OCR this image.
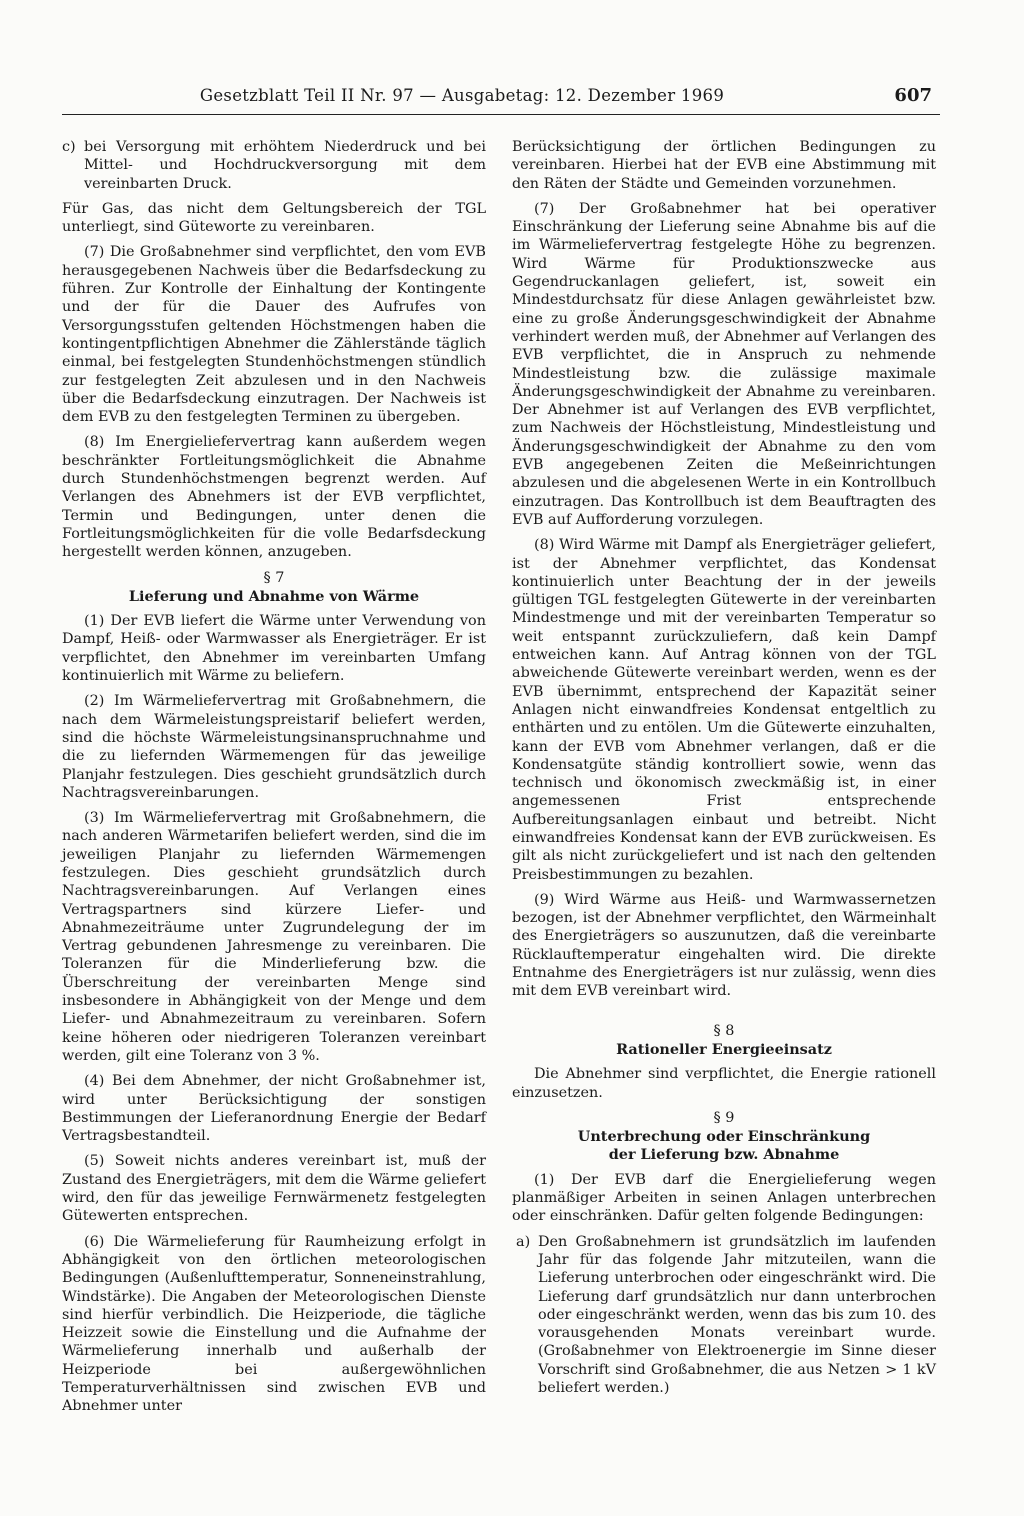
Gesetzblatt Teil II Nr. 97 — Ausgabetag: 12. Dezember 1969	607
c) bei Versorgung mit erhöhtem Niederdruck und bei Mittel- und Hochdruckversorgung mit dem vereinbarten Druck.

Für Gas, das nicht dem Geltungsbereich der TGL unterliegt, sind Güteworte zu vereinbaren.

(7) Die Großabnehmer sind verpflichtet, den vom EVB herausgegebenen Nachweis über die Bedarfsdeckung zu führen. Zur Kontrolle der Einhaltung der Kontingente und der für die Dauer des Aufrufes von Versorgungsstufen geltenden Höchstmengen haben die kontingentpflichtigen Abnehmer die Zählerstände täglich einmal, bei festgelegten Stundenhöchstmengen stündlich zur festgelegten Zeit abzulesen und in den Nachweis über die Bedarfsdeckung einzutragen. Der Nachweis ist dem EVB zu den festgelegten Terminen zu übergeben.

(8) Im Energieliefervertrag kann außerdem wegen beschränkter Fortleitungsmöglichkeit die Abnahme durch Stundenhöchstmengen begrenzt werden. Auf Verlangen des Abnehmers ist der EVB verpflichtet, Termin und Bedingungen, unter denen die Fortleitungsmöglichkeiten für die volle Bedarfsdeckung hergestellt werden können, anzugeben.

§ 7
Lieferung und Abnahme von Wärme

(1) Der EVB liefert die Wärme unter Verwendung von Dampf, Heiß- oder Warmwasser als Energieträger. Er ist verpflichtet, den Abnehmer im vereinbarten Umfang kontinuierlich mit Wärme zu beliefern.

(2) Im Wärmeliefervertrag mit Großabnehmern, die nach dem Wärmeleistungspreistarif beliefert werden, sind die höchste Wärmeleistungsinanspruchnahme und die zu liefernden Wärmemengen für das jeweilige Planjahr festzulegen. Dies geschieht grundsätzlich durch Nachtragsvereinbarungen.

(3) Im Wärmeliefervertrag mit Großabnehmern, die nach anderen Wärmetarifen beliefert werden, sind die im jeweiligen Planjahr zu liefernden Wärmemengen festzulegen. Dies geschieht grundsätzlich durch Nachtragsvereinbarungen. Auf Verlangen eines Vertragspartners sind kürzere Liefer- und Abnahmezeiträume unter Zugrundelegung der im Vertrag gebundenen Jahresmenge zu vereinbaren. Die Toleranzen für die Minderlieferung bzw. die Überschreitung der vereinbarten Menge sind insbesondere in Abhängigkeit von der Menge und dem Liefer- und Abnahmezeitraum zu vereinbaren. Sofern keine höheren oder niedrigeren Toleranzen vereinbart werden, gilt eine Toleranz von 3 %.

(4) Bei dem Abnehmer, der nicht Großabnehmer ist, wird unter Berücksichtigung der sonstigen Bestimmungen der Lieferanordnung Energie der Bedarf Vertragsbestandteil.

(5) Soweit nichts anderes vereinbart ist, muß der Zustand des Energieträgers, mit dem die Wärme geliefert wird, den für das jeweilige Fernwärmenetz festgelegten Gütewerten entsprechen.

(6) Die Wärmelieferung für Raumheizung erfolgt in Abhängigkeit von den örtlichen meteorologischen Bedingungen (Außenlufttemperatur, Sonneneinstrahlung, Windstärke). Die Angaben der Meteorologischen Dienste sind hierfür verbindlich. Die Heizperiode, die tägliche Heizzeit sowie die Einstellung und die Aufnahme der Wärmelieferung innerhalb und außerhalb der Heizperiode bei außergewöhnlichen Temperaturverhältnissen sind zwischen EVB und Abnehmer unter

Berücksichtigung der örtlichen Bedingungen zu vereinbaren. Hierbei hat der EVB eine Abstimmung mit den Räten der Städte und Gemeinden vorzunehmen.

(7) Der Großabnehmer hat bei operativer Einschränkung der Lieferung seine Abnahme bis auf die im Wärmeliefervertrag festgelegte Höhe zu begrenzen. Wird Wärme für Produktionszwecke aus Gegendruckanlagen geliefert, ist, soweit ein Mindestdurchsatz für diese Anlagen gewährleistet bzw. eine zu große Änderungsgeschwindigkeit der Abnahme verhindert werden muß, der Abnehmer auf Verlangen des EVB verpflichtet, die in Anspruch zu nehmende Mindestleistung bzw. die zulässige maximale Änderungsgeschwindigkeit der Abnahme zu vereinbaren. Der Abnehmer ist auf Verlangen des EVB verpflichtet, zum Nachweis der Höchstleistung, Mindestleistung und Änderungsgeschwindigkeit der Abnahme zu den vom EVB angegebenen Zeiten die Meßeinrichtungen abzulesen und die abgelesenen Werte in ein Kontrollbuch einzutragen. Das Kontrollbuch ist dem Beauftragten des EVB auf Aufforderung vorzulegen.

(8) Wird Wärme mit Dampf als Energieträger geliefert, ist der Abnehmer verpflichtet, das Kondensat kontinuierlich unter Beachtung der in der jeweils gültigen TGL festgelegten Gütewerte in der vereinbarten Mindestmenge und mit der vereinbarten Temperatur so weit entspannt zurückzuliefern, daß kein Dampf entweichen kann. Auf Antrag können von der TGL abweichende Gütewerte vereinbart werden, wenn es der EVB übernimmt, entsprechend der Kapazität seiner Anlagen nicht einwandfreies Kondensat entgeltlich zu enthärten und zu entölen. Um die Gütewerte einzuhalten, kann der EVB vom Abnehmer verlangen, daß er die Kondensatgüte ständig kontrolliert sowie, wenn das technisch und ökonomisch zweckmäßig ist, in einer angemessenen Frist entsprechende Aufbereitungsanlagen einbaut und betreibt. Nicht einwandfreies Kondensat kann der EVB zurückweisen. Es gilt als nicht zurückgeliefert und ist nach den geltenden Preisbestimmungen zu bezahlen.

(9) Wird Wärme aus Heiß- und Warmwassernetzen bezogen, ist der Abnehmer verpflichtet, den Wärmeinhalt des Energieträgers so auszunutzen, daß die vereinbarte Rücklauftemperatur eingehalten wird. Die direkte Entnahme des Energieträgers ist nur zulässig, wenn dies mit dem EVB vereinbart wird.

§ 8
Rationeller Energieeinsatz

Die Abnehmer sind verpflichtet, die Energie rationell einzusetzen.

§ 9
Unterbrechung oder Einschränkung
der Lieferung bzw. Abnahme

(1) Der EVB darf die Energielieferung wegen planmäßiger Arbeiten in seinen Anlagen unterbrechen oder einschränken. Dafür gelten folgende Bedingungen:

a) Den Großabnehmern ist grundsätzlich im laufenden Jahr für das folgende Jahr mitzuteilen, wann die Lieferung unterbrochen oder eingeschränkt wird. Die Lieferung darf grundsätzlich nur dann unterbrochen oder eingeschränkt werden, wenn das bis zum 10. des vorausgehenden Monats vereinbart wurde. (Großabnehmer von Elektroenergie im Sinne dieser Vorschrift sind Großabnehmer, die aus Netzen > 1 kV beliefert werden.)
